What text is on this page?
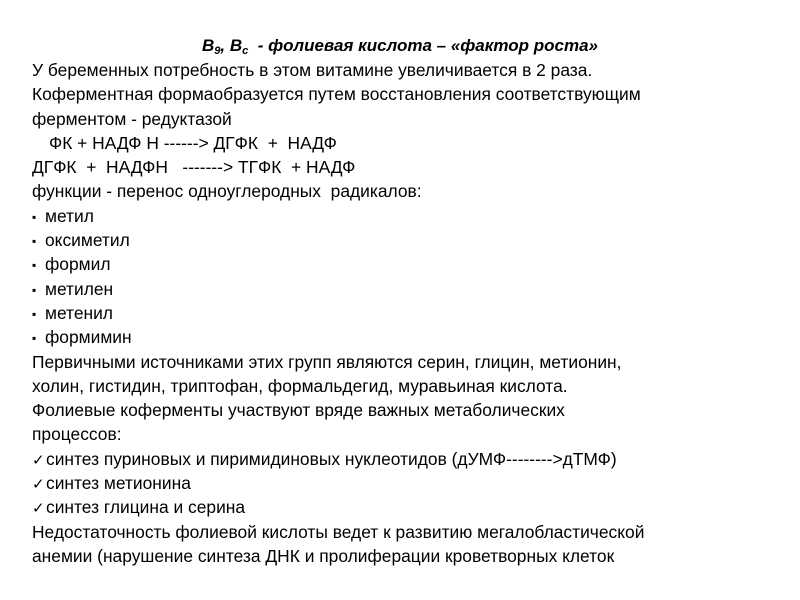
$B_9$, $B_c$  - фолиевая кислота – «фактор роста»
У беременных потребность в этом витамине увеличивается в 2 раза.
Коферментная формаобразуется путем восстановления соответствующим
ферментом - редуктазой
ФК + НАДФ Н ------> ДГФК  +  НАДФ
ДГФК  +  НАДФН   -------> ТГФК  + НАДФ
функции - перенос одноуглеродных  радикалов:
▪ метил
▪ оксиметил
▪ формил
▪ метилен
▪ метенил
▪ формимин
Первичными источниками этих групп являются серин, глицин, метионин,
холин, гистидин, триптофан, формальдегид, муравьиная кислота.
Фолиевые коферменты участвуют вряде важных метаболических
процессов:
✓синтез пуриновых и пиримидиновых нуклеотидов (дУМФ-------->дТМФ)
✓синтез метионина
✓синтез глицина и серина
Недостаточность фолиевой кислоты ведет к развитию мегалобластической
анемии (нарушение синтеза ДНК и пролиферации кроветворных клеток
